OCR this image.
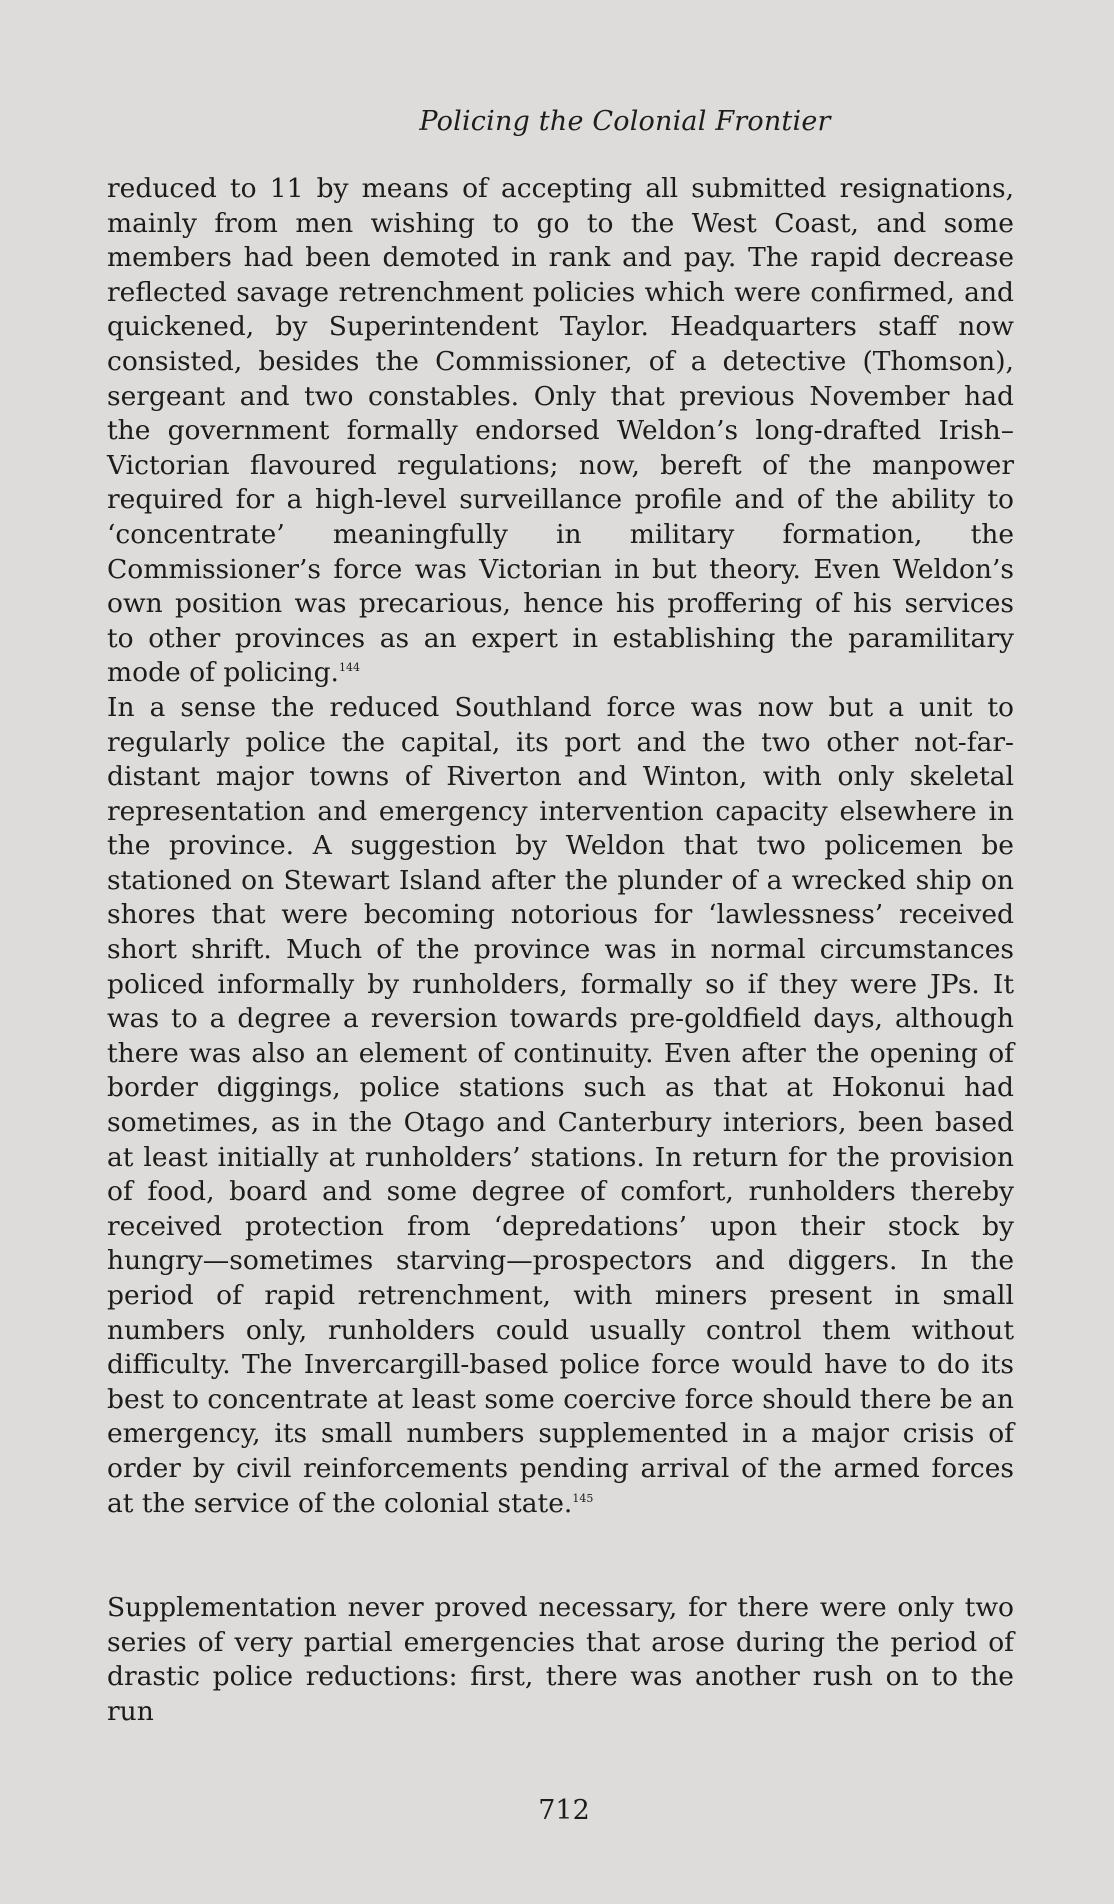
Policing the Colonial Frontier

reduced to 11 by means of accepting all submitted resignations, mainly from men wishing to go to the West Coast, and some members had been demoted in rank and pay. The rapid decrease reflected savage retrenchment policies which were confirmed, and quickened, by Superintendent Taylor. Headquarters staff now consisted, besides the Commissioner, of a detective (Thomson), sergeant and two constables. Only that previous November had the government formally endorsed Weldon’s long-drafted Irish–Victorian flavoured regulations; now, bereft of the manpower required for a high-level surveillance profile and of the ability to ‘concentrate’ meaningfully in military formation, the Commissioner’s force was Victorian in but theory. Even Weldon’s own position was precarious, hence his proffering of his services to other provinces as an expert in establishing the paramilitary mode of policing.$^{144}$

In a sense the reduced Southland force was now but a unit to regularly police the capital, its port and the two other not-far-distant major towns of Riverton and Winton, with only skeletal representation and emergency intervention capacity elsewhere in the province. A suggestion by Weldon that two policemen be stationed on Stewart Island after the plunder of a wrecked ship on shores that were becoming notorious for ‘lawlessness’ received short shrift. Much of the province was in normal circumstances policed informally by runholders, formally so if they were JPs. It was to a degree a reversion towards pre-goldfield days, although there was also an element of continuity. Even after the opening of border diggings, police stations such as that at Hokonui had sometimes, as in the Otago and Canterbury interiors, been based at least initially at runholders’ stations. In return for the provision of food, board and some degree of comfort, runholders thereby received protection from ‘depredations’ upon their stock by hungry—sometimes starving—prospectors and diggers. In the period of rapid retrenchment, with miners present in small numbers only, runholders could usually control them without difficulty. The Invercargill-based police force would have to do its best to concentrate at least some coercive force should there be an emergency, its small numbers supplemented in a major crisis of order by civil reinforcements pending arrival of the armed forces at the service of the colonial state.$^{145}$

Supplementation never proved necessary, for there were only two series of very partial emergencies that arose during the period of drastic police reductions: first, there was another rush on to the run

712
